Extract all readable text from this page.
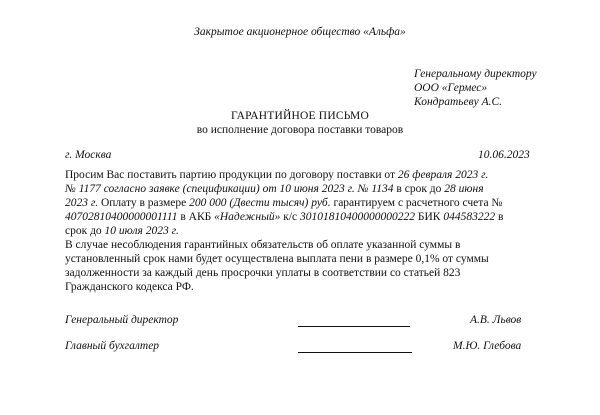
Закрытое акционерное общество «Альфа»
Генеральному директору
ООО «Гермес»
Кондратьеву А.С.
ГАРАНТИЙНОЕ ПИСЬМО
во исполнение договора поставки товаров
г. Москва	10.06.2023
Просим Вас поставить партию продукции по договору поставки от 26 февраля 2023 г.
№ 1177 согласно заявке (спецификации) от 10 июня 2023 г. № 1134 в срок до 28 июня
2023 г. Оплату в размере 200 000 (Двести тысяч) руб. гарантируем с расчетного счета №
40702810400000001111 в АКБ «Надежный» к/с 30101810400000000222 БИК 044583222 в
срок до 10 июля 2023 г.
В случае несоблюдения гарантийных обязательств об оплате указанной суммы в
установленный срок нами будет осуществлена выплата пени в размере 0,1% от суммы
задолженности за каждый день просрочки уплаты в соответствии со статьей 823
Гражданского кодекса РФ.
Генеральный директор	А.В. Львов
Главный бухгалтер	М.Ю. Глебова
